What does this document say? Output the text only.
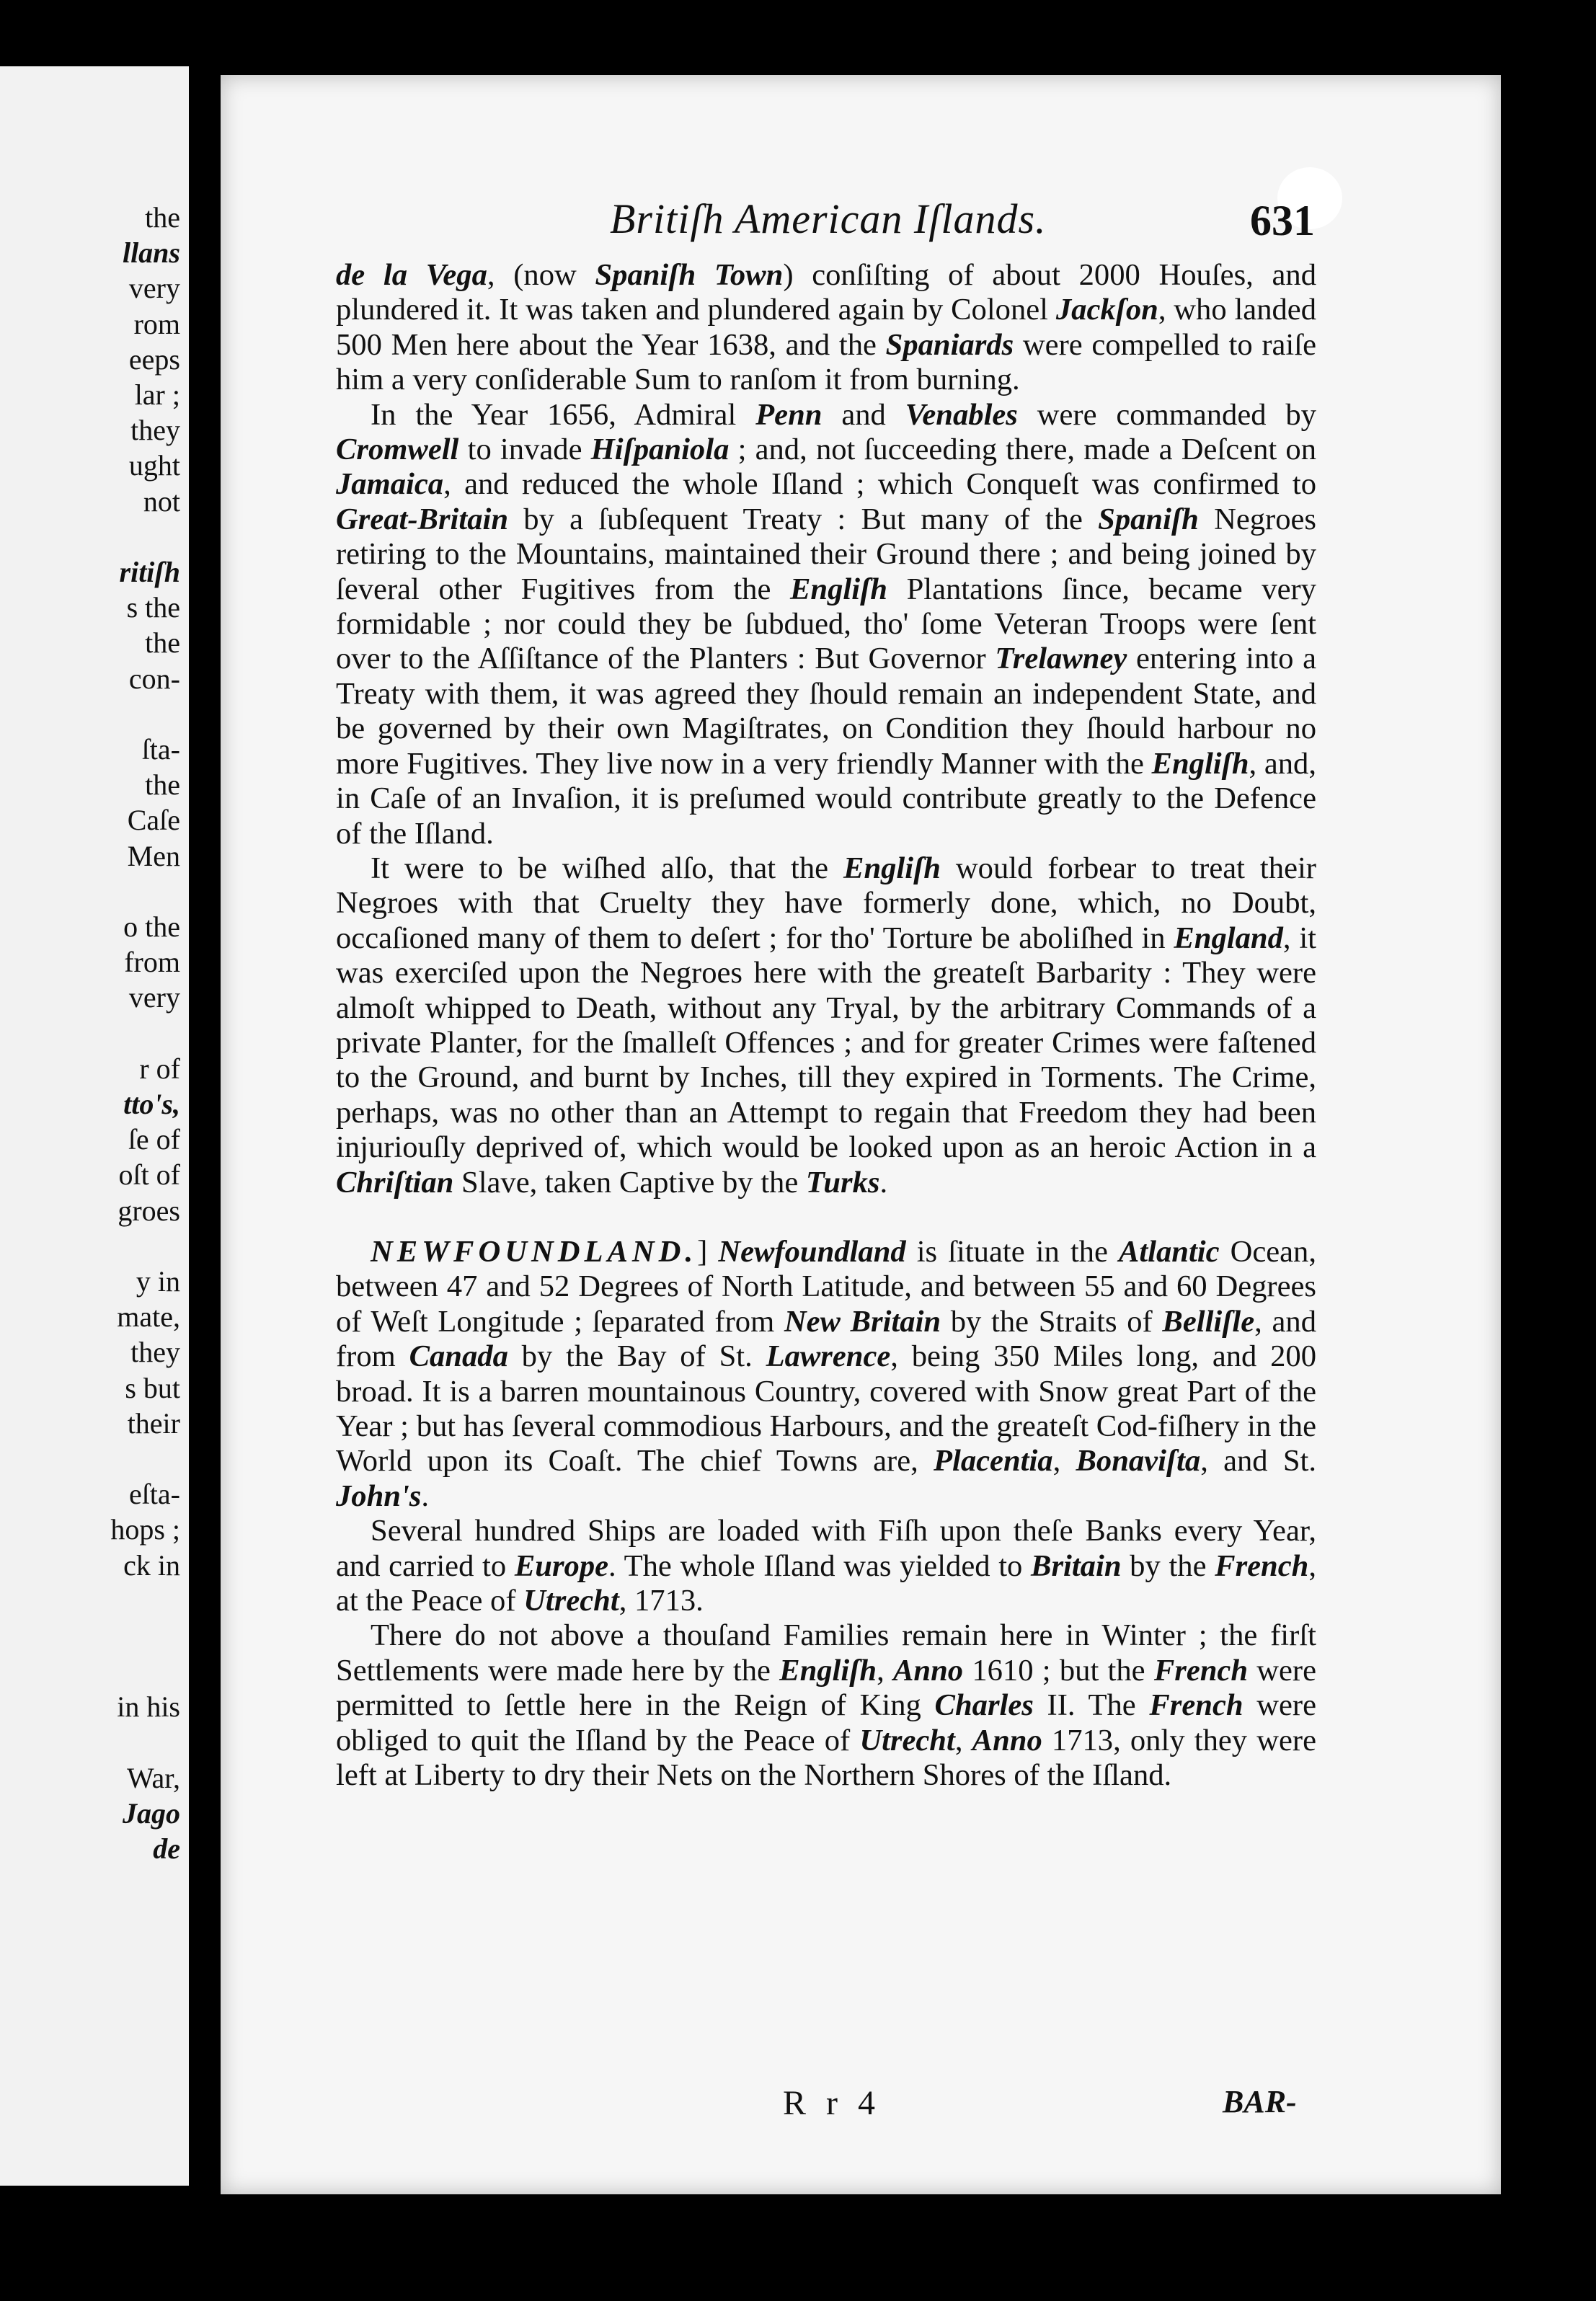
the
llans
very
rom
eeps
lar ;
they
ught
not
ritiſh
s the
the
con-
ſta-
the
Caſe
Men
o the
from
very
r of
tto's,
ſe of
oſt of
groes
y in
mate,
they
s but
their
eſta-
hops ;
ck in
in his
War,
Jago
de
Britiſh American Iſlands.	631

de la Vega, (now Spaniſh Town) conſiſting of about 2000 Houſes, and plundered it. It was taken and plundered again by Colonel Jackſon, who landed 500 Men here about the Year 1638, and the Spaniards were compelled to raiſe him a very conſiderable Sum to ranſom it from burning.

In the Year 1656, Admiral Penn and Venables were commanded by Cromwell to invade Hiſpaniola ; and, not ſucceeding there, made a Deſcent on Jamaica, and reduced the whole Iſland ; which Conqueſt was confirmed to Great-Britain by a ſubſequent Treaty : But many of the Spaniſh Negroes retiring to the Mountains, maintained their Ground there ; and being joined by ſeveral other Fugitives from the Engliſh Plantations ſince, became very formidable ; nor could they be ſubdued, tho' ſome Veteran Troops were ſent over to the Aſſiſtance of the Planters : But Governor Trelawney entering into a Treaty with them, it was agreed they ſhould remain an independent State, and be governed by their own Magiſtrates, on Condition they ſhould harbour no more Fugitives. They live now in a very friendly Manner with the Engliſh, and, in Caſe of an Invaſion, it is preſumed would contribute greatly to the Defence of the Iſland.

It were to be wiſhed alſo, that the Engliſh would forbear to treat their Negroes with that Cruelty they have formerly done, which, no Doubt, occaſioned many of them to deſert ; for tho' Torture be aboliſhed in England, it was exerciſed upon the Negroes here with the greateſt Barbarity : They were almoſt whipped to Death, without any Tryal, by the arbitrary Commands of a private Planter, for the ſmalleſt Offences ; and for greater Crimes were faſtened to the Ground, and burnt by Inches, till they expired in Torments. The Crime, perhaps, was no other than an Attempt to regain that Freedom they had been injuriouſly deprived of, which would be looked upon as an heroic Action in a Chriſtian Slave, taken Captive by the Turks.

NEWFOUNDLAND.] Newfoundland is ſituate in the Atlantic Ocean, between 47 and 52 Degrees of North Latitude, and between 55 and 60 Degrees of Weſt Longitude ; ſeparated from New Britain by the Straits of Belliſle, and from Canada by the Bay of St. Lawrence, being 350 Miles long, and 200 broad. It is a barren mountainous Country, covered with Snow great Part of the Year ; but has ſeveral commodious Harbours, and the greateſt Cod-fiſhery in the World upon its Coaſt. The chief Towns are, Placentia, Bonaviſta, and St. John's.

Several hundred Ships are loaded with Fiſh upon theſe Banks every Year, and carried to Europe. The whole Iſland was yielded to Britain by the French, at the Peace of Utrecht, 1713.

There do not above a thouſand Families remain here in Winter ; the firſt Settlements were made here by the Engliſh, Anno 1610 ; but the French were permitted to ſettle here in the Reign of King Charles II. The French were obliged to quit the Iſland by the Peace of Utrecht, Anno 1713, only they were left at Liberty to dry their Nets on the Northern Shores of the Iſland.

R r 4	BAR-
